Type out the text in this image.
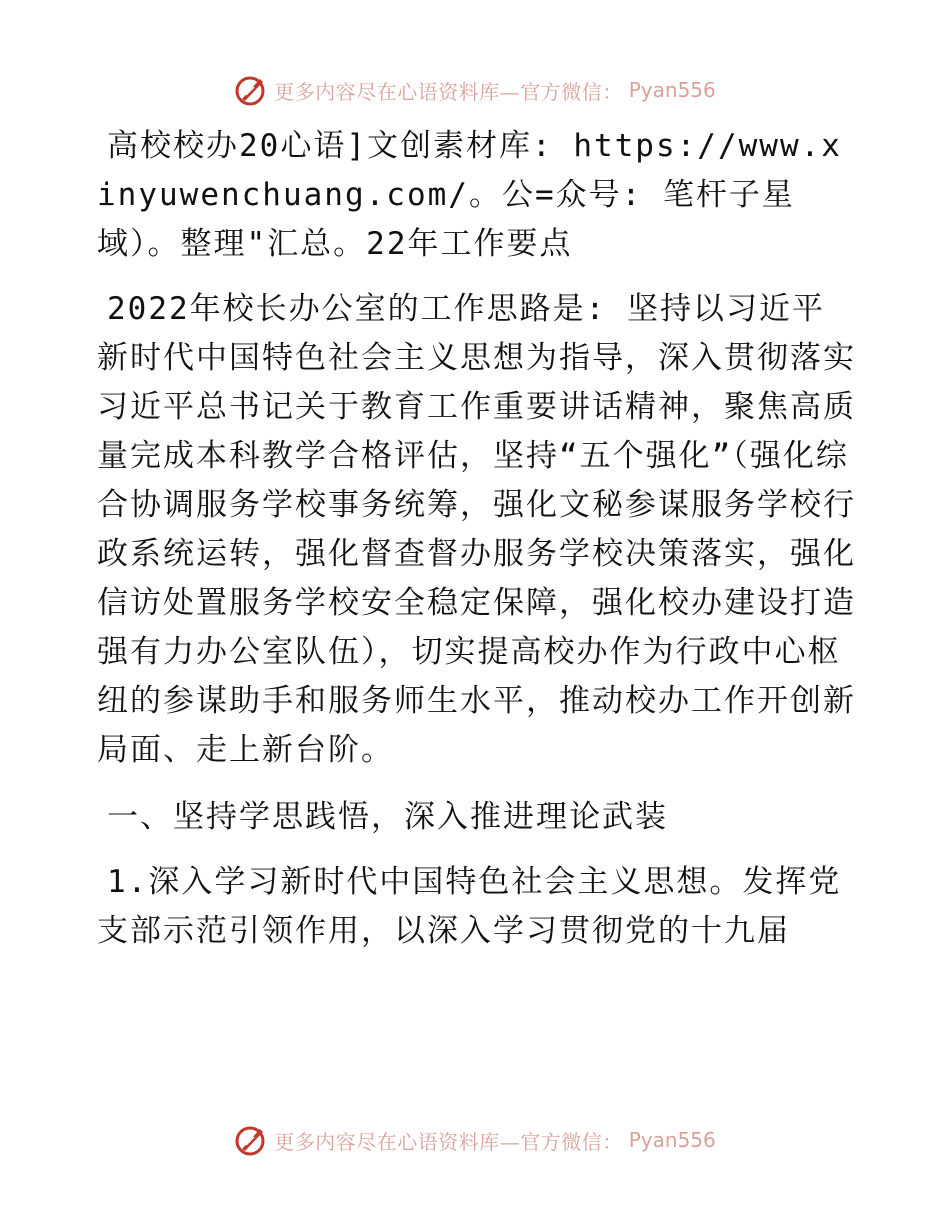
更多内容尽在心语资料库—官方微信： Pyan556

高校校办20心语]文创素材库: https://www.xinyuwenchuang.com/。公=众号: 笔杆子星域）。整理"汇总。22年工作要点

2022年校长办公室的工作思路是: 坚持以习近平新时代中国特色社会主义思想为指导，深入贯彻落实习近平总书记关于教育工作重要讲话精神，聚焦高质量完成本科教学合格评估，坚持“五个强化”（强化综合协调服务学校事务统筹，强化文秘参谋服务学校行政系统运转，强化督查督办服务学校决策落实，强化信访处置服务学校安全稳定保障，强化校办建设打造强有力办公室队伍），切实提高校办作为行政中心枢纽的参谋助手和服务师生水平，推动校办工作开创新局面、走上新台阶。

一、坚持学思践悟，深入推进理论武装

1.深入学习新时代中国特色社会主义思想。发挥党支部示范引领作用，以深入学习贯彻党的十九届

更多内容尽在心语资料库—官方微信： Pyan556
